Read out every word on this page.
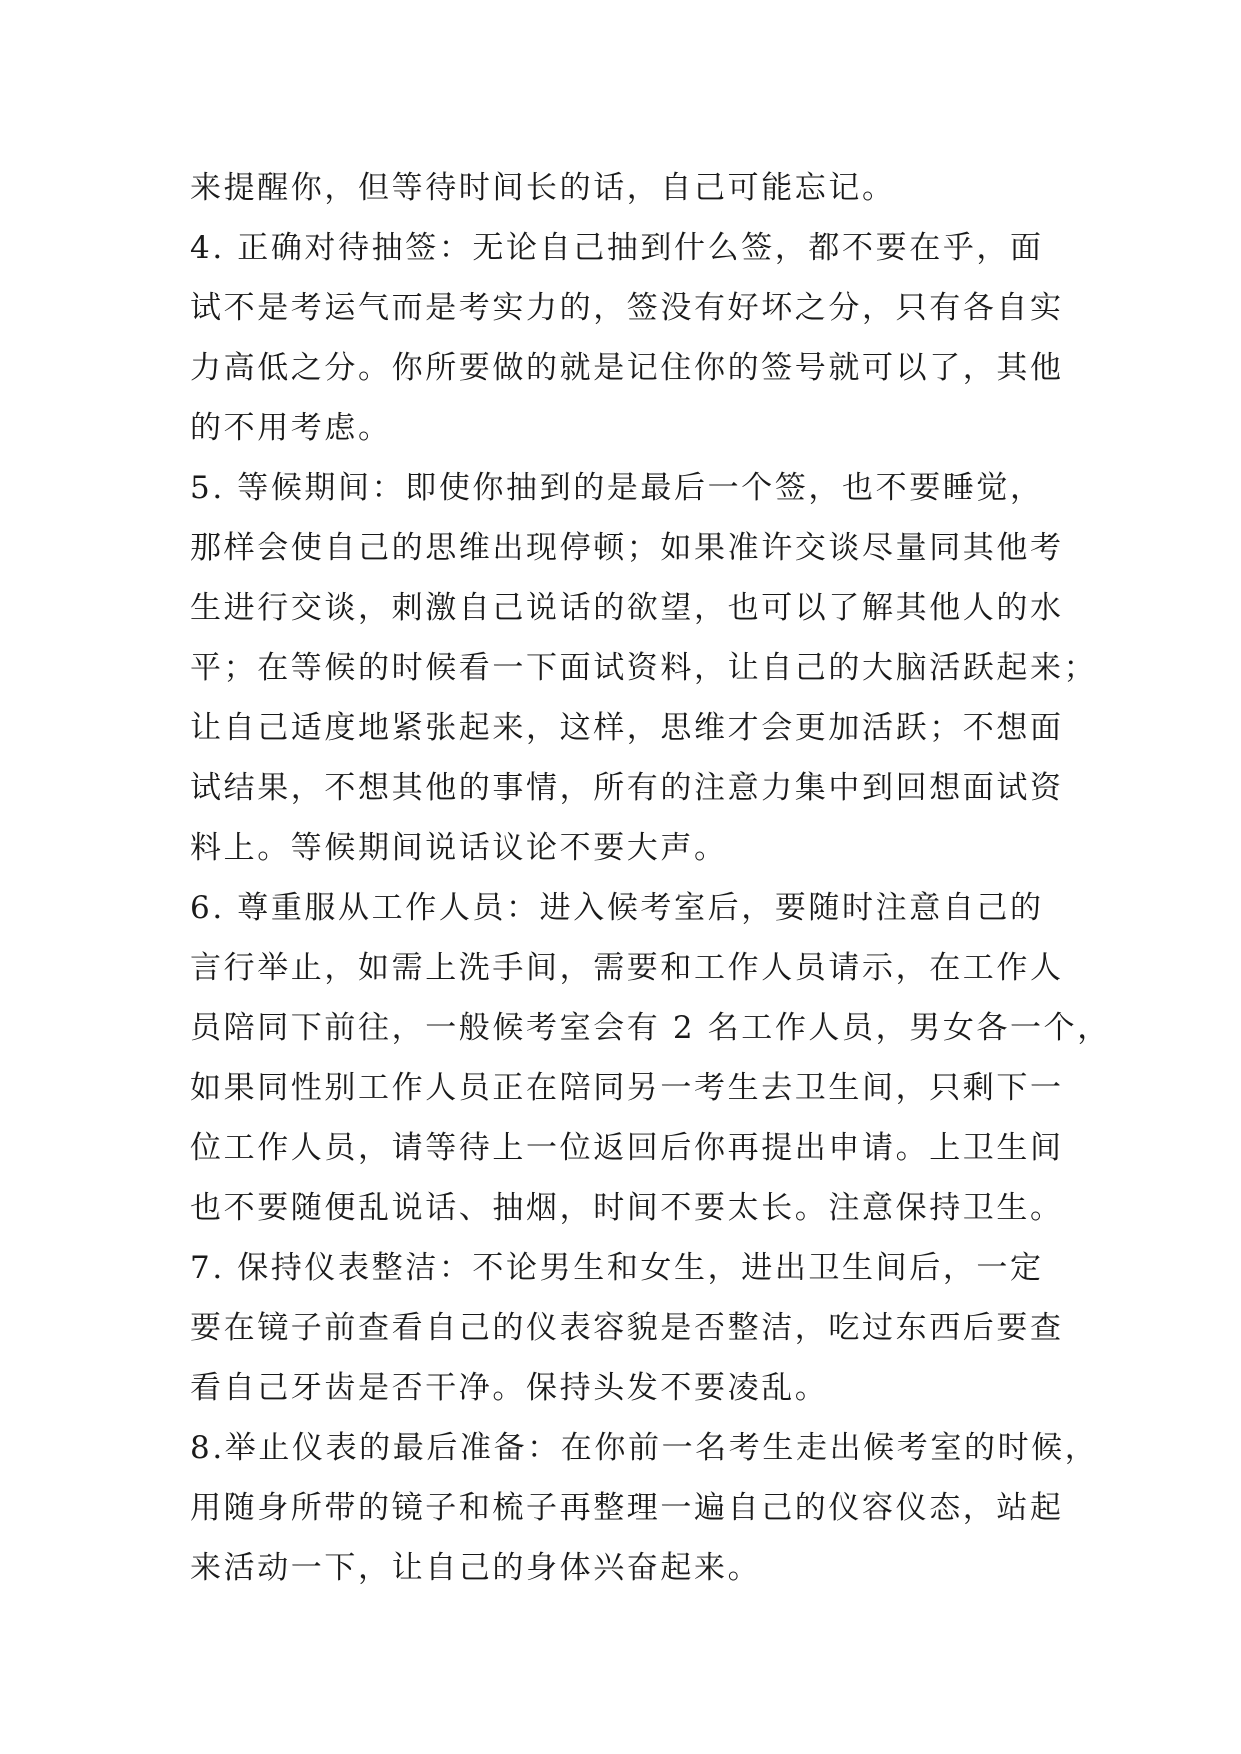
来提醒你，但等待时间长的话，自己可能忘记。
4. 正确对待抽签：无论自己抽到什么签，都不要在乎，面
试不是考运气而是考实力的，签没有好坏之分，只有各自实
力高低之分。你所要做的就是记住你的签号就可以了，其他
的不用考虑。
5. 等候期间：即使你抽到的是最后一个签，也不要睡觉，
那样会使自己的思维出现停顿；如果准许交谈尽量同其他考
生进行交谈，刺激自己说话的欲望，也可以了解其他人的水
平；在等候的时候看一下面试资料，让自己的大脑活跃起来；
让自己适度地紧张起来，这样，思维才会更加活跃；不想面
试结果，不想其他的事情，所有的注意力集中到回想面试资
料上。等候期间说话议论不要大声。
6. 尊重服从工作人员：进入候考室后，要随时注意自己的
言行举止，如需上洗手间，需要和工作人员请示，在工作人
员陪同下前往，一般候考室会有 2 名工作人员，男女各一个，
如果同性别工作人员正在陪同另一考生去卫生间，只剩下一
位工作人员，请等待上一位返回后你再提出申请。上卫生间
也不要随便乱说话、抽烟，时间不要太长。注意保持卫生。
7. 保持仪表整洁：不论男生和女生，进出卫生间后，一定
要在镜子前查看自己的仪表容貌是否整洁，吃过东西后要查
看自己牙齿是否干净。保持头发不要凌乱。
8.举止仪表的最后准备：在你前一名考生走出候考室的时候，
用随身所带的镜子和梳子再整理一遍自己的仪容仪态，站起
来活动一下，让自己的身体兴奋起来。
